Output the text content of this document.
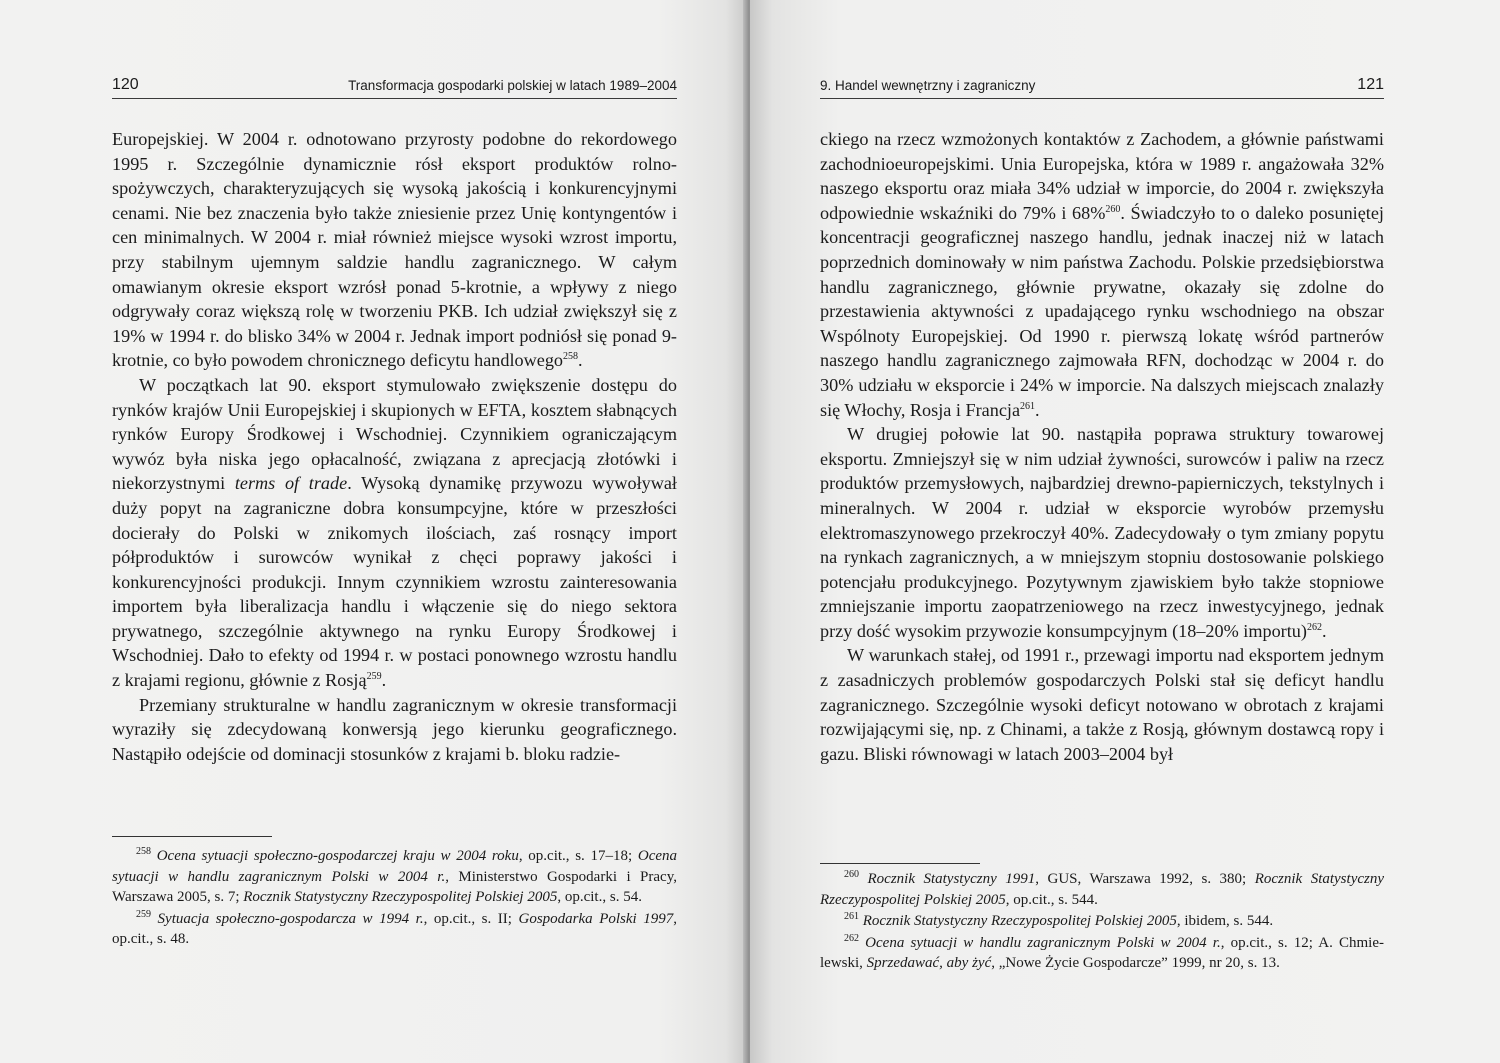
120	Transformacja gospodarki polskiej w latach 1989–2004

Europejskiej. W 2004 r. odnotowano przyrosty podobne do rekordowego 1995 r. Szczególnie dynamicznie rósł eksport produktów rolno-spożywczych, charakteryzujących się wysoką jakością i konkurencyjnymi cenami. Nie bez znaczenia było także zniesienie przez Unię kontyngentów i cen minimalnych. W 2004 r. miał również miejsce wysoki wzrost importu, przy stabilnym ujemnym saldzie handlu zagranicznego. W całym omawianym okresie eksport wzrósł ponad 5-krotnie, a wpływy z niego odgrywały coraz większą rolę w tworzeniu PKB. Ich udział zwiększył się z 19% w 1994 r. do blisko 34% w 2004 r. Jednak import podniósł się ponad 9-krotnie, co było powodem chronicznego deficytu handlowego$^{258}$.

W początkach lat 90. eksport stymulowało zwiększenie dostępu do rynków krajów Unii Europejskiej i skupionych w EFTA, kosztem słabnących rynków Europy Środkowej i Wschodniej. Czynnikiem ograniczającym wywóz była niska jego opłacalność, związana z aprecjacją złotówki i niekorzystnymi terms of trade. Wysoką dynamikę przywozu wywoływał duży popyt na zagraniczne dobra konsumpcyjne, które w przeszłości docierały do Polski w znikomych ilościach, zaś rosnący import półproduktów i surowców wynikał z chęci poprawy jakości i konkurencyjności produkcji. Innym czynnikiem wzrostu zainteresowania importem była liberalizacja handlu i włączenie się do niego sektora prywatnego, szczególnie aktywnego na rynku Europy Środkowej i Wschodniej. Dało to efekty od 1994 r. w postaci ponownego wzrostu handlu z krajami regionu, głównie z Rosją$^{259}$.

Przemiany strukturalne w handlu zagranicznym w okresie transformacji wyraziły się zdecydowaną konwersją jego kierunku geograficznego. Nastąpiło odejście od dominacji stosunków z krajami b. bloku radzie-

$^{258}$ Ocena sytuacji społeczno-gospodarczej kraju w 2004 roku, op.cit., s. 17–18; Ocena sytuacji w handlu zagranicznym Polski w 2004 r., Ministerstwo Gospodarki i Pracy, Warszawa 2005, s. 7; Rocznik Statystyczny Rzeczypospolitej Polskiej 2005, op.cit., s. 54.

$^{259}$ Sytuacja społeczno-gospodarcza w 1994 r., op.cit., s. II; Gospodarka Polski 1997, op.cit., s. 48.

9. Handel wewnętrzny i zagraniczny	121

ckiego na rzecz wzmożonych kontaktów z Zachodem, a głównie państwami zachodnioeuropejskimi. Unia Europejska, która w 1989 r. angażowała 32% naszego eksportu oraz miała 34% udział w imporcie, do 2004 r. zwiększyła odpowiednie wskaźniki do 79% i 68%$^{260}$. Świadczyło to o daleko posuniętej koncentracji geograficznej naszego handlu, jednak inaczej niż w latach poprzednich dominowały w nim państwa Zachodu. Polskie przedsiębiorstwa handlu zagranicznego, głównie prywatne, okazały się zdolne do przestawienia aktywności z upadającego rynku wschodniego na obszar Wspólnoty Europejskiej. Od 1990 r. pierwszą lokatę wśród partnerów naszego handlu zagranicznego zajmowała RFN, dochodząc w 2004 r. do 30% udziału w eksporcie i 24% w imporcie. Na dalszych miejscach znalazły się Włochy, Rosja i Francja$^{261}$.

W drugiej połowie lat 90. nastąpiła poprawa struktury towarowej eksportu. Zmniejszył się w nim udział żywności, surowców i paliw na rzecz produktów przemysłowych, najbardziej drewno-papierniczych, tekstylnych i mineralnych. W 2004 r. udział w eksporcie wyrobów przemysłu elektromaszynowego przekroczył 40%. Zadecydowały o tym zmiany popytu na rynkach zagranicznych, a w mniejszym stopniu dostosowanie polskiego potencjału produkcyjnego. Pozytywnym zjawiskiem było także stopniowe zmniejszanie importu zaopatrzeniowego na rzecz inwestycyjnego, jednak przy dość wysokim przywozie konsumpcyjnym (18–20% importu)$^{262}$.

W warunkach stałej, od 1991 r., przewagi importu nad eksportem jednym z zasadniczych problemów gospodarczych Polski stał się deficyt handlu zagranicznego. Szczególnie wysoki deficyt notowano w obrotach z krajami rozwijającymi się, np. z Chinami, a także z Rosją, głównym dostawcą ropy i gazu. Bliski równowagi w latach 2003–2004 był

$^{260}$ Rocznik Statystyczny 1991, GUS, Warszawa 1992, s. 380; Rocznik Statystyczny Rzeczypospolitej Polskiej 2005, op.cit., s. 544.

$^{261}$ Rocznik Statystyczny Rzeczypospolitej Polskiej 2005, ibidem, s. 544.

$^{262}$ Ocena sytuacji w handlu zagranicznym Polski w 2004 r., op.cit., s. 12; A. Chmielewski, Sprzedawać, aby żyć, „Nowe Życie Gospodarcze” 1999, nr 20, s. 13.
